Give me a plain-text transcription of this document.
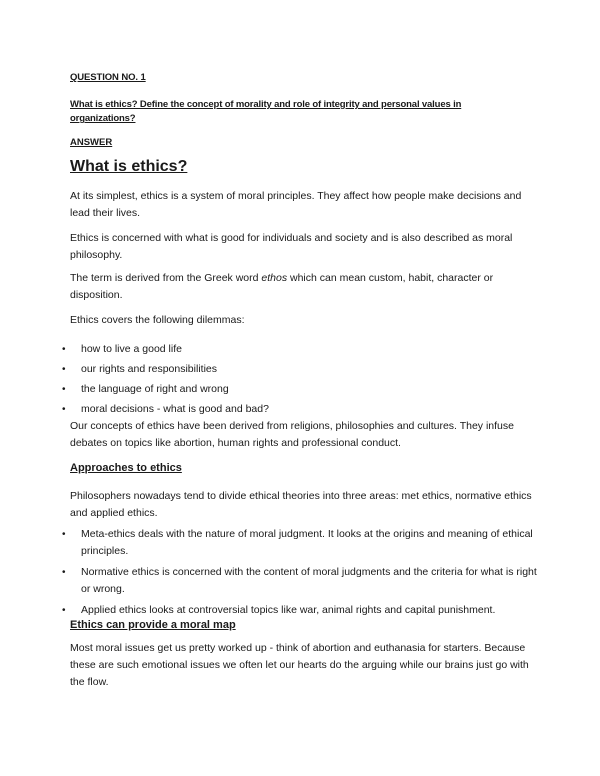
QUESTION NO. 1
What is ethics? Define the concept of morality and role of integrity and personal values in organizations?
ANSWER
What is ethics?

At its simplest, ethics is a system of moral principles. They affect how people make decisions and lead their lives.

Ethics is concerned with what is good for individuals and society and is also described as moral philosophy.

The term is derived from the Greek word ethos which can mean custom, habit, character or disposition.

Ethics covers the following dilemmas:

• how to live a good life
• our rights and responsibilities
• the language of right and wrong
• moral decisions - what is good and bad?

Our concepts of ethics have been derived from religions, philosophies and cultures. They infuse debates on topics like abortion, human rights and professional conduct.

Approaches to ethics

Philosophers nowadays tend to divide ethical theories into three areas: met ethics, normative ethics and applied ethics.

• Meta-ethics deals with the nature of moral judgment. It looks at the origins and meaning of ethical principles.
• Normative ethics is concerned with the content of moral judgments and the criteria for what is right or wrong.
• Applied ethics looks at controversial topics like war, animal rights and capital punishment.
Ethics can provide a moral map

Most moral issues get us pretty worked up - think of abortion and euthanasia for starters. Because these are such emotional issues we often let our hearts do the arguing while our brains just go with the flow.
